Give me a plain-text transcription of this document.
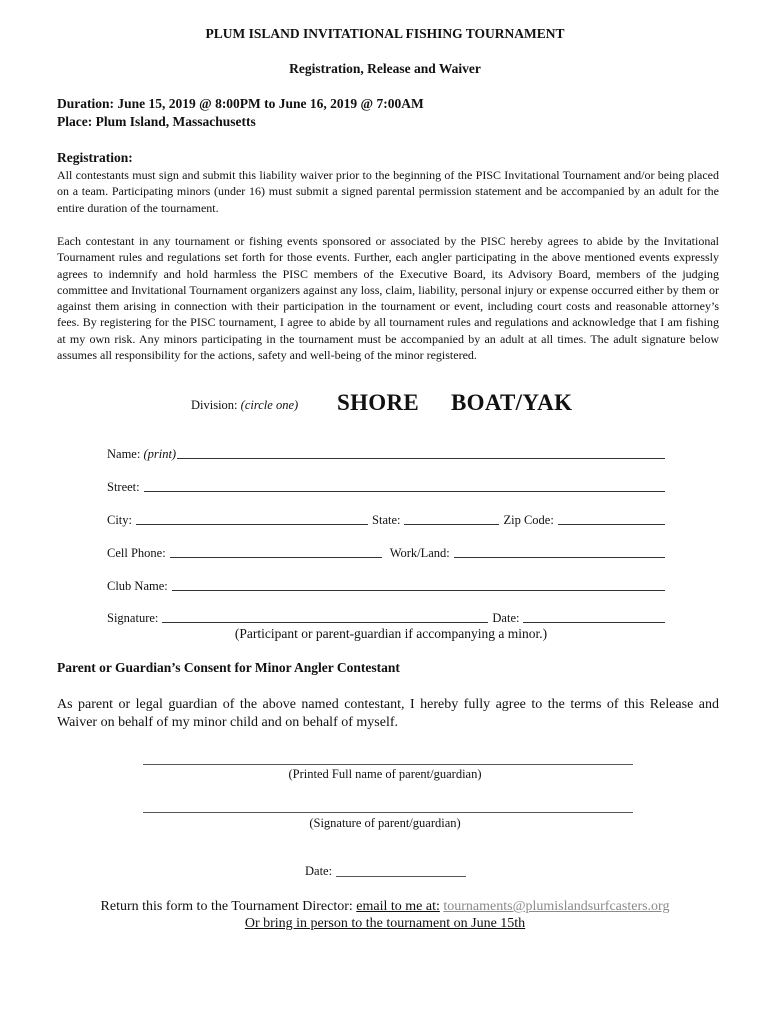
PLUM ISLAND INVITATIONAL FISHING TOURNAMENT
Registration, Release and Waiver
Duration: June 15, 2019 @ 8:00PM to June 16, 2019 @ 7:00AM
Place: Plum Island, Massachusetts
Registration:
All contestants must sign and submit this liability waiver prior to the beginning of the PISC Invitational Tournament and/or being placed on a team. Participating minors (under 16) must submit a signed parental permission statement and be accompanied by an adult for the entire duration of the tournament.
Each contestant in any tournament or fishing events sponsored or associated by the PISC hereby agrees to abide by the Invitational Tournament rules and regulations set forth for those events. Further, each angler participating in the above mentioned events expressly agrees to indemnify and hold harmless the PISC members of the Executive Board, its Advisory Board, members of the judging committee and Invitational Tournament organizers against any loss, claim, liability, personal injury or expense occurred either by them or against them arising in connection with their participation in the tournament or event, including court costs and reasonable attorney’s fees. By registering for the PISC tournament, I agree to abide by all tournament rules and regulations and acknowledge that I am fishing at my own risk. Any minors participating in the tournament must be accompanied by an adult at all times. The adult signature below assumes all responsibility for the actions, safety and well-being of the minor registered.
Division: (circle one) SHORE BOAT/YAK
Name:
(print)
Street:
City:	State:	Zip Code:
Cell Phone:	Work/Land:
Club Name:
Signature:	Date:
(Participant or parent-guardian if accompanying a minor.)
Parent or Guardian’s Consent for Minor Angler Contestant
As parent or legal guardian of the above named contestant, I hereby fully agree to the terms of this Release and Waiver on behalf of my minor child and on behalf of myself.
(Printed Full name of parent/guardian)
(Signature of parent/guardian)
Date:
Return this form to the Tournament Director: email to me at: tournaments@plumislandsurfcasters.org
Or bring in person to the tournament on June 15th
